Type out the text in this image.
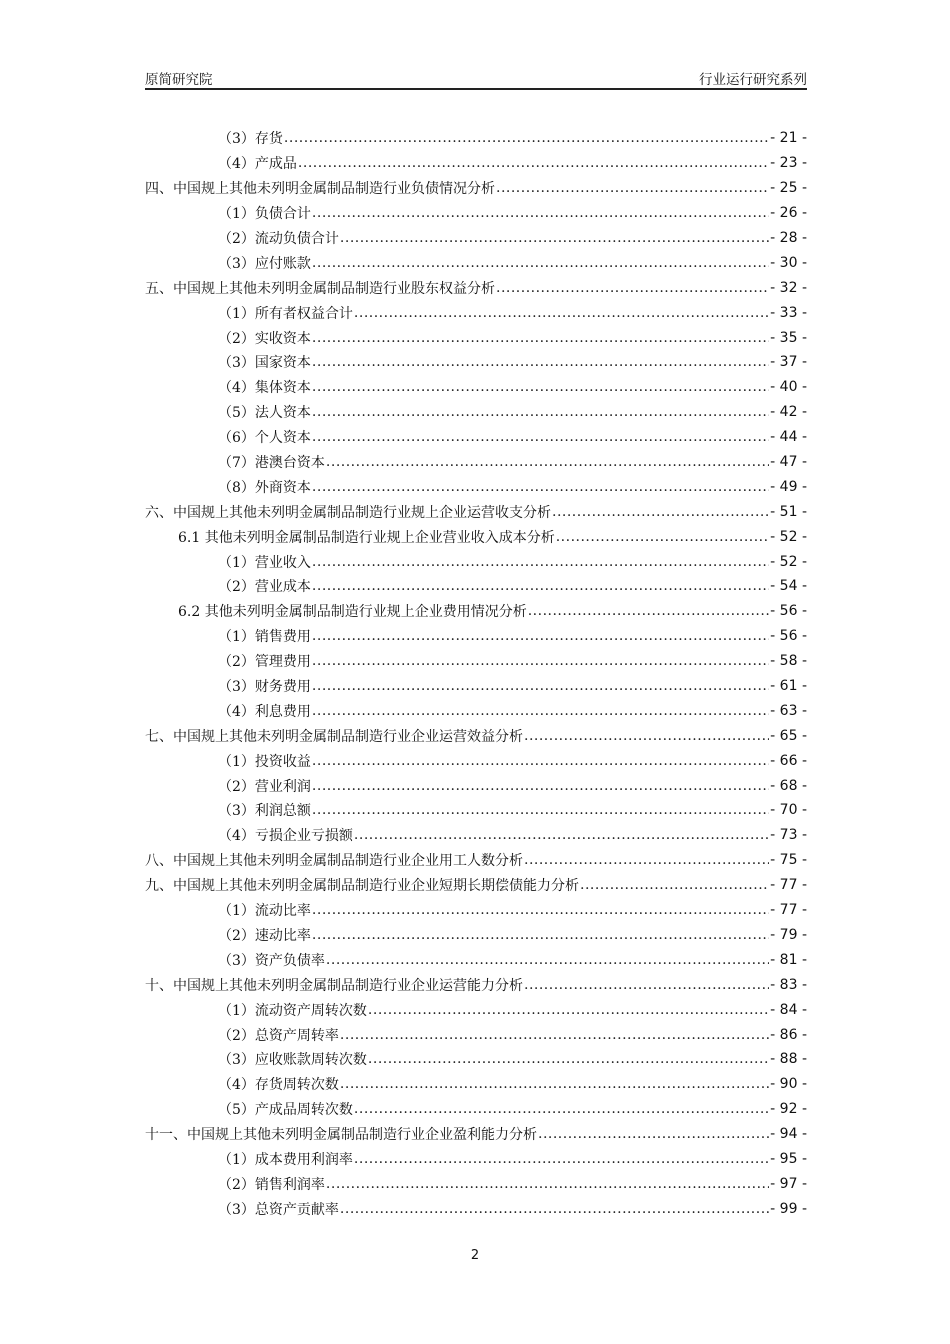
原简研究院	行业运行研究系列
（3）存货 .....	- 21 -
（4）产成品 .....	- 23 -
四、中国规上其他未列明金属制品制造行业负债情况分析 .....	- 25 -
（1）负债合计 .....	- 26 -
（2）流动负债合计 .....	- 28 -
（3）应付账款 .....	- 30 -
五、中国规上其他未列明金属制品制造行业股东权益分析 .....	- 32 -
（1）所有者权益合计 .....	- 33 -
（2）实收资本 .....	- 35 -
（3）国家资本 .....	- 37 -
（4）集体资本 .....	- 40 -
（5）法人资本 .....	- 42 -
（6）个人资本 .....	- 44 -
（7）港澳台资本 .....	- 47 -
（8）外商资本 .....	- 49 -
六、中国规上其他未列明金属制品制造行业规上企业运营收支分析 .....	- 51 -
6.1 其他未列明金属制品制造行业规上企业营业收入成本分析 .....	- 52 -
（1）营业收入 .....	- 52 -
（2）营业成本 .....	- 54 -
6.2 其他未列明金属制品制造行业规上企业费用情况分析 .....	- 56 -
（1）销售费用 .....	- 56 -
（2）管理费用 .....	- 58 -
（3）财务费用 .....	- 61 -
（4）利息费用 .....	- 63 -
七、中国规上其他未列明金属制品制造行业企业运营效益分析 .....	- 65 -
（1）投资收益 .....	- 66 -
（2）营业利润 .....	- 68 -
（3）利润总额 .....	- 70 -
（4）亏损企业亏损额 .....	- 73 -
八、中国规上其他未列明金属制品制造行业企业用工人数分析 .....	- 75 -
九、中国规上其他未列明金属制品制造行业企业短期长期偿债能力分析 .....	- 77 -
（1）流动比率 .....	- 77 -
（2）速动比率 .....	- 79 -
（3）资产负债率 .....	- 81 -
十、中国规上其他未列明金属制品制造行业企业运营能力分析 .....	- 83 -
（1）流动资产周转次数 .....	- 84 -
（2）总资产周转率 .....	- 86 -
（3）应收账款周转次数 .....	- 88 -
（4）存货周转次数 .....	- 90 -
（5）产成品周转次数 .....	- 92 -
十一、中国规上其他未列明金属制品制造行业企业盈利能力分析 .....	- 94 -
（1）成本费用利润率 .....	- 95 -
（2）销售利润率 .....	- 97 -
（3）总资产贡献率 .....	- 99 -
2
